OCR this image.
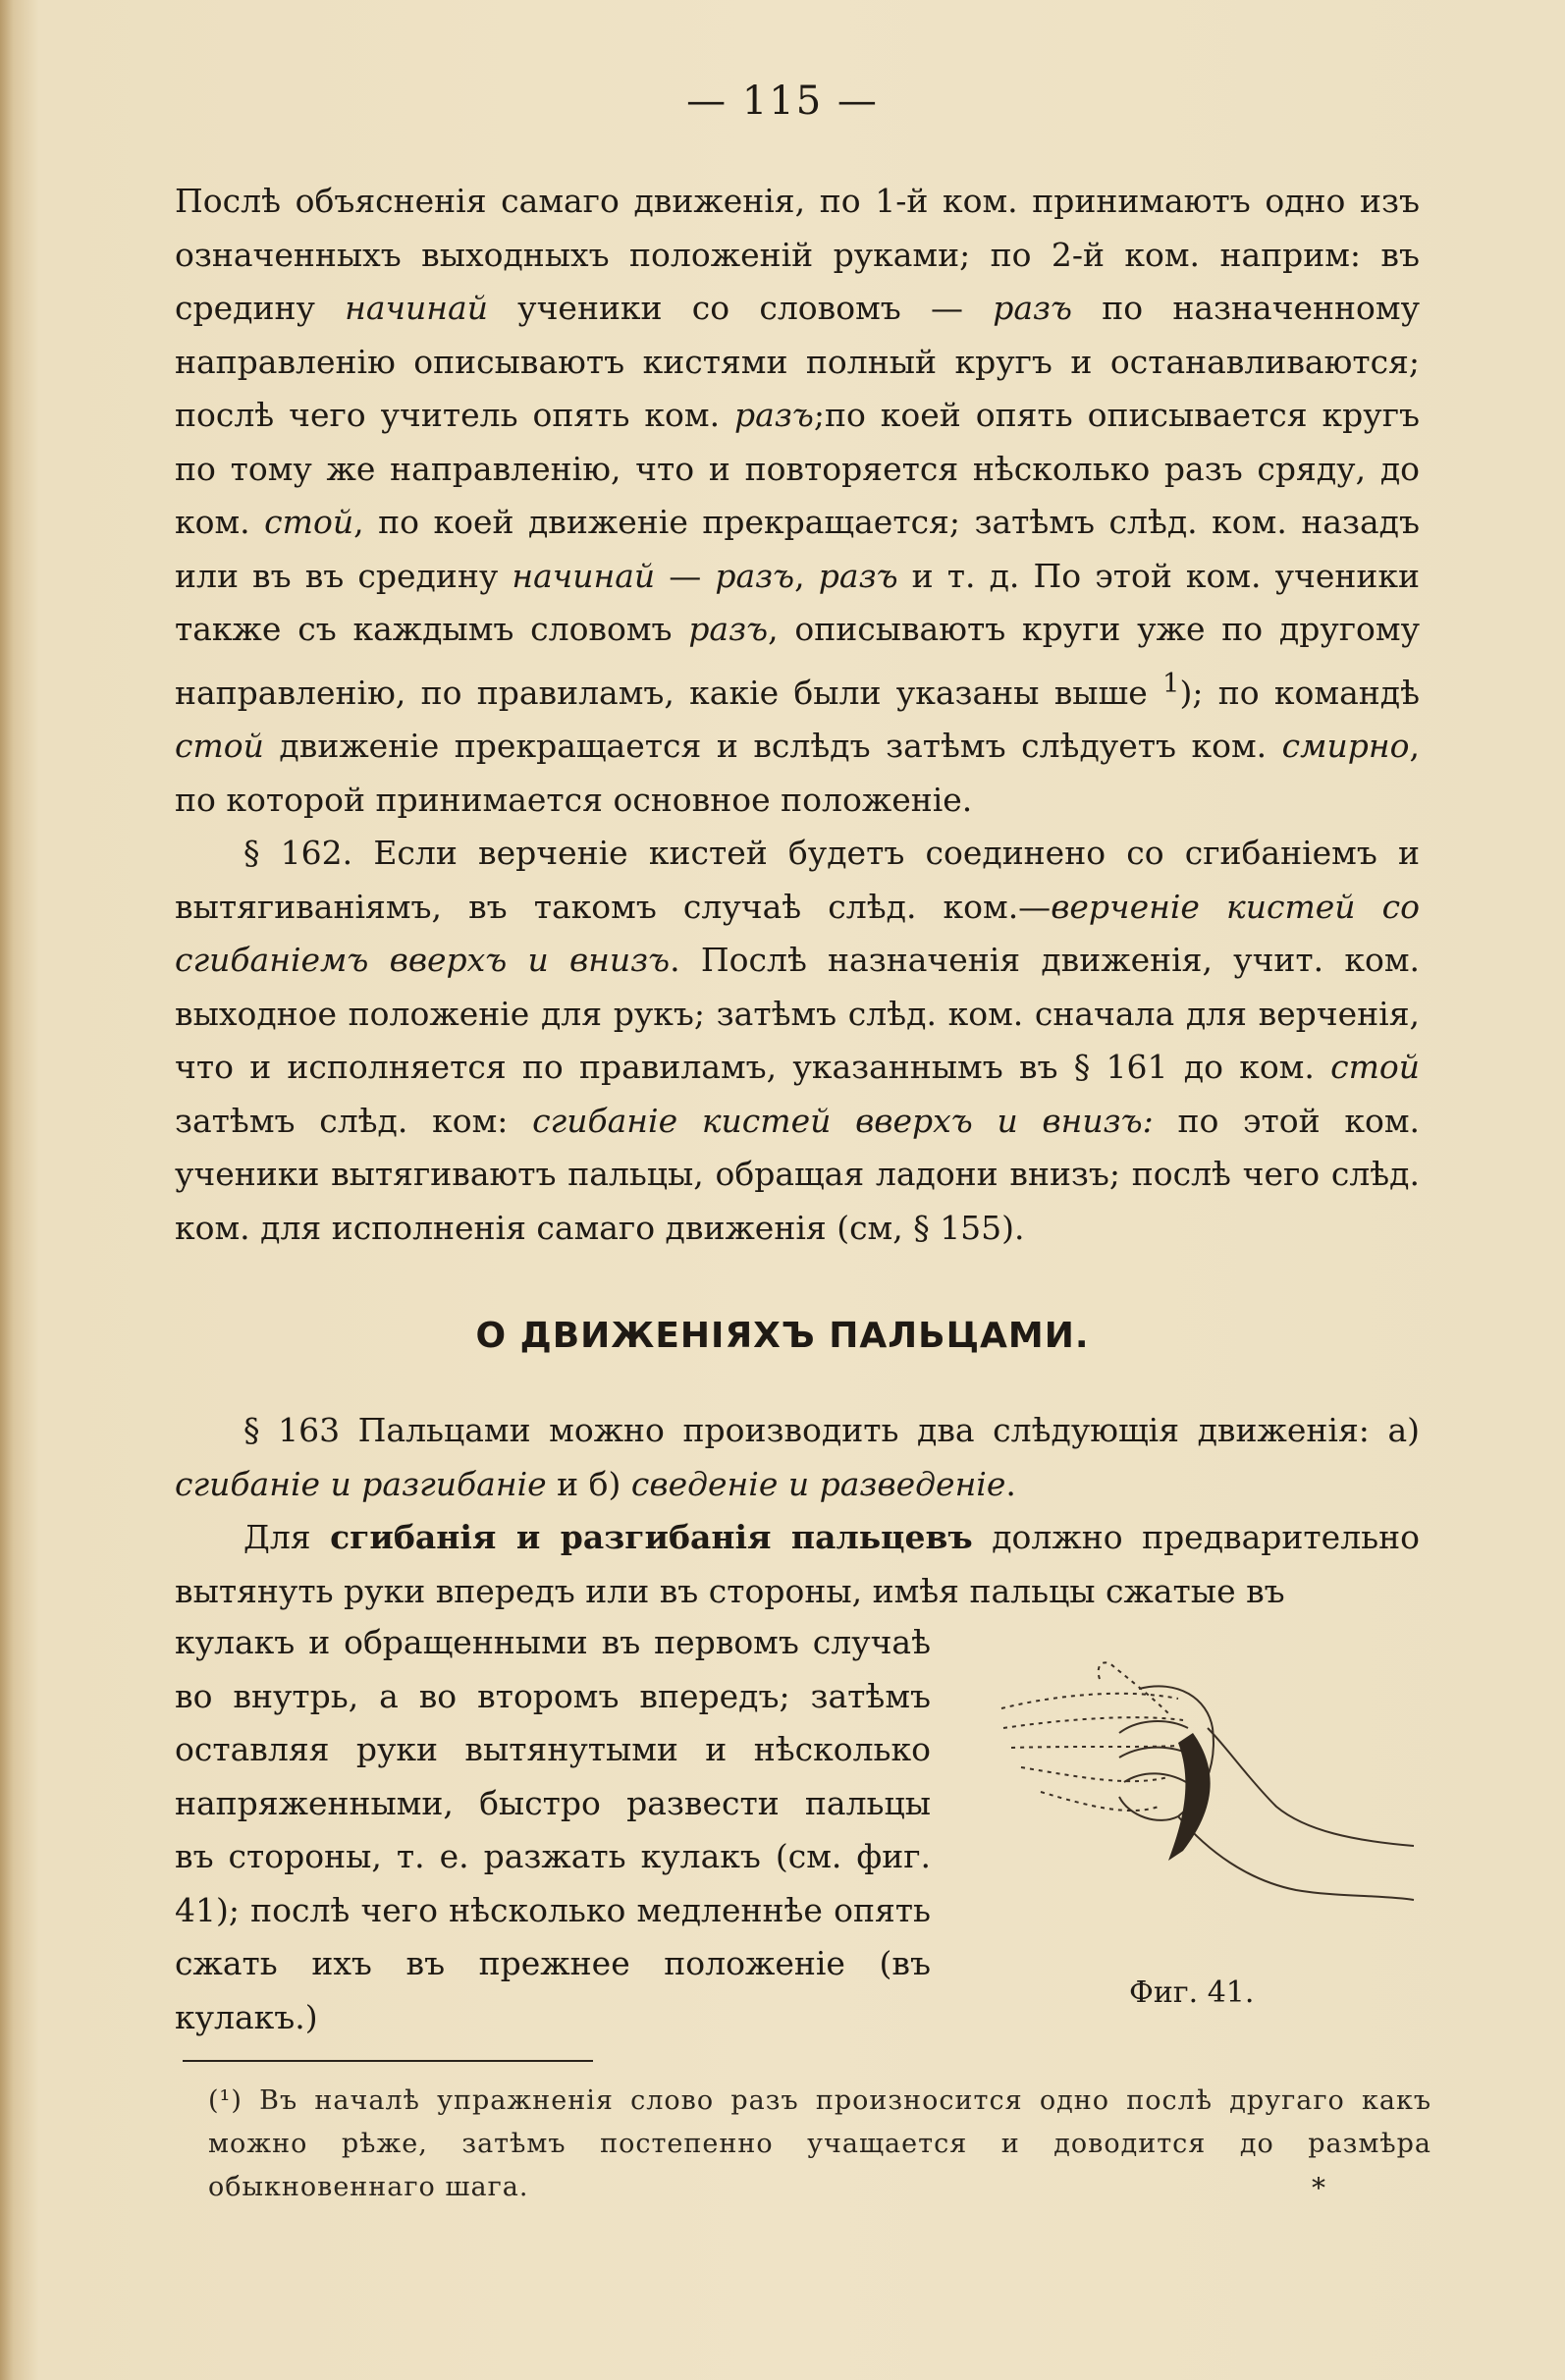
— 115 —

Послѣ объясненія самаго движенія, по 1-й ком. принимаютъ одно изъ означенныхъ выходныхъ положеній руками; по 2-й ком. наприм: въ средину начинай ученики со словомъ — разъ по назначенному направленію описываютъ кистями полный кругъ и останавливаются; послѣ чего учитель опять ком. разъ;по коей опять описывается кругъ по тому же направленію, что и повторяется нѣсколько разъ сряду, до ком. стой, по коей движеніе прекращается; затѣмъ слѣд. ком. назадъ или въ въ средину начинай — разъ, разъ и т. д. По этой ком. ученики также съ каждымъ словомъ разъ, описываютъ круги уже по другому направленію, по правиламъ, какіе были указаны выше $^1$); по командѣ стой движеніе прекращается и вслѣдъ затѣмъ слѣдуетъ ком. смирно, по которой принимается основное положеніе.

§ 162. Если верченіе кистей будетъ соединено со сгибаніемъ и вытягиваніямъ, въ такомъ случаѣ слѣд. ком.—верченіе кистей со сгибаніемъ вверхъ и внизъ. Послѣ назначенія движенія, учит. ком. выходное положеніе для рукъ; затѣмъ слѣд. ком. сначала для верченія, что и исполняется по правиламъ, указаннымъ въ § 161 до ком. стой затѣмъ слѣд. ком: сгибаніе кистей вверхъ и внизъ: по этой ком. ученики вытягиваютъ пальцы, обращая ладони внизъ; послѣ чего слѣд. ком. для исполненія самаго движенія (см, § 155).

О ДВИЖЕНІЯХЪ ПАЛЬЦАМИ.

§ 163 Пальцами можно производить два слѣдующія движенія: а) сгибаніе и разгибаніе и б) сведеніе и разведеніе.

Для сгибанія и разгибанія пальцевъ должно предварительно вытянуть руки впередъ или въ стороны, имѣя пальцы сжатые въ

кулакъ и обращенными въ первомъ случаѣ во внутрь, а во второмъ впередъ; затѣмъ оставляя руки вытянутыми и нѣсколько напряженными, быстро развести пальцы въ стороны, т. е. разжать кулакъ (см. фиг. 41); послѣ чего нѣсколько медленнѣе опять сжать ихъ въ прежнее положеніе (въ кулакъ.)

Фиг. 41.

(¹) Въ началѣ упражненія слово разъ произносится одно послѣ другаго какъ можно рѣже, затѣмъ постепенно учащается и доводится до размѣра обыкновеннаго шага.	*
